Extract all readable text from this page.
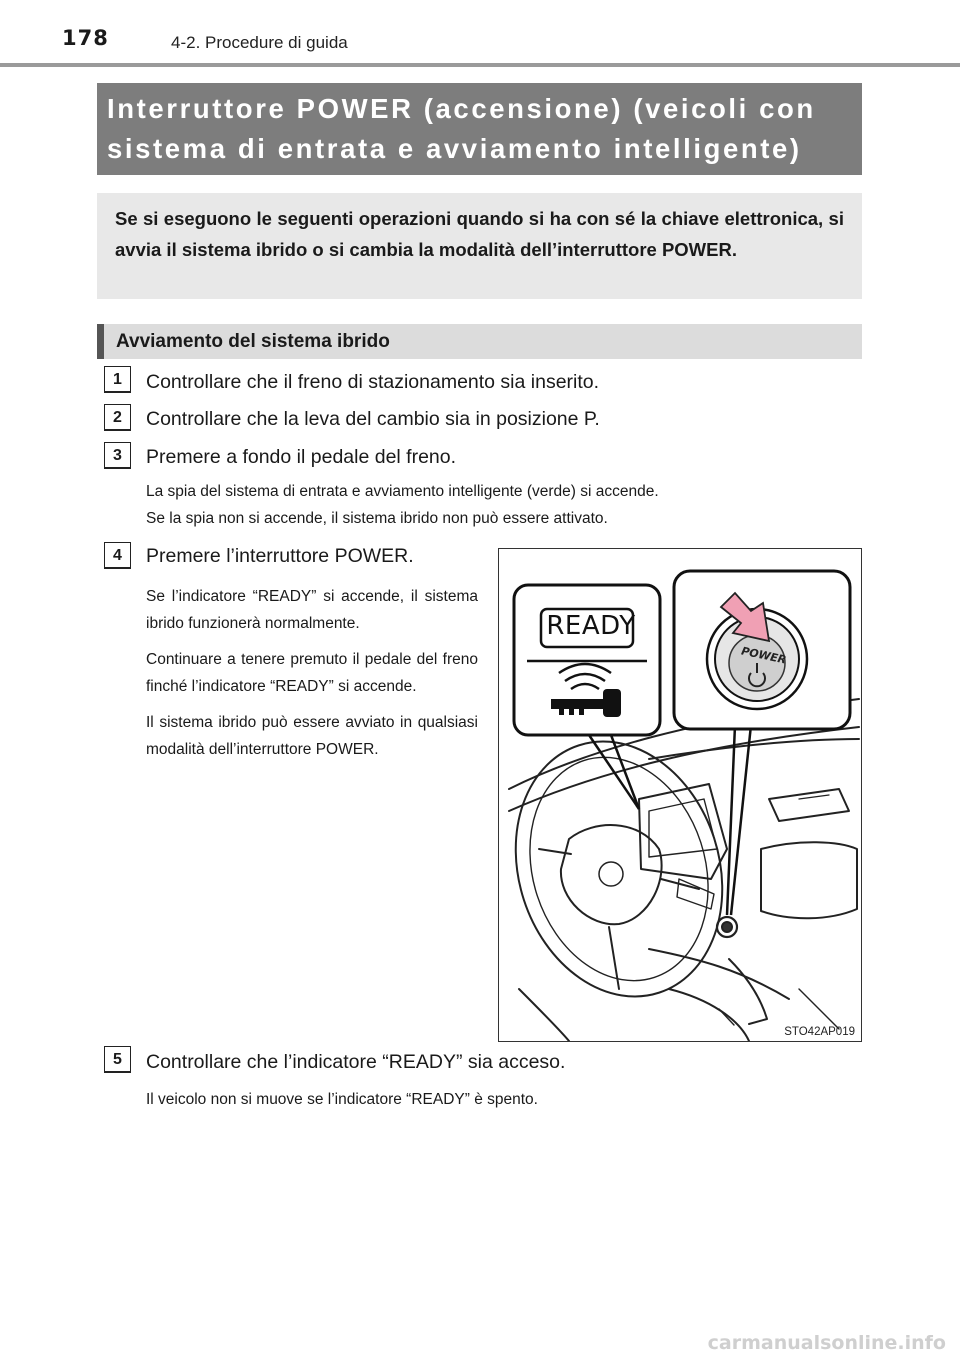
178	4-2. Procedure di guida
Interruttore POWER (accensione) (veicoli con
sistema di entrata e avviamento intelligente)
Se si eseguono le seguenti operazioni quando si ha con sé la chiave elettronica, si avvia il sistema ibrido o si cambia la modalità dell’interruttore POWER.
Avviamento del sistema ibrido
1	Controllare che il freno di stazionamento sia inserito.
2	Controllare che la leva del cambio sia in posizione P.
3	Premere a fondo il pedale del freno.
La spia del sistema di entrata e avviamento intelligente (verde) si accende.
Se la spia non si accende, il sistema ibrido non può essere attivato.
4	Premere l’interruttore POWER.

Se l’indicatore “READY” si accende, il sistema ibrido funzionerà normalmente.

Continuare a tenere premuto il pedale del freno finché l’indicatore “READY” si accende.

Il sistema ibrido può essere avviato in qualsiasi modalità dell’interruttore POWER.

READY
POWER
STO42AP019
5	Controllare che l’indicatore “READY” sia acceso.
Il veicolo non si muove se l’indicatore “READY” è spento.
carmanualsonline.info
